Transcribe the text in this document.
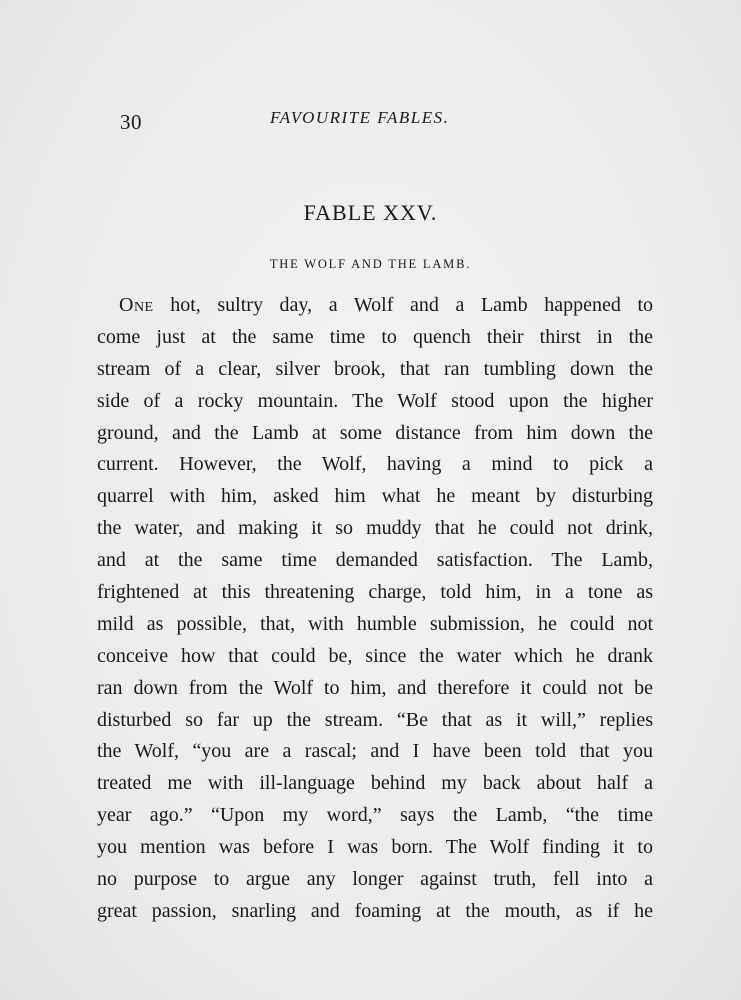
30	FAVOURITE FABLES.
FABLE XXV.
THE WOLF AND THE LAMB.
One hot, sultry day, a Wolf and a Lamb happened to
come just at the same time to quench their thirst in the
stream of a clear, silver brook, that ran tumbling down the
side of a rocky mountain. The Wolf stood upon the higher
ground, and the Lamb at some distance from him down the
current. However, the Wolf, having a mind to pick a
quarrel with him, asked him what he meant by disturbing
the water, and making it so muddy that he could not drink,
and at the same time demanded satisfaction. The Lamb,
frightened at this threatening charge, told him, in a tone as
mild as possible, that, with humble submission, he could not
conceive how that could be, since the water which he drank
ran down from the Wolf to him, and therefore it could not be
disturbed so far up the stream. “Be that as it will,” replies
the Wolf, “you are a rascal; and I have been told that you
treated me with ill-language behind my back about half a
year ago.” “Upon my word,” says the Lamb, “the time
you mention was before I was born. The Wolf finding it to
no purpose to argue any longer against truth, fell into a
great passion, snarling and foaming at the mouth, as if he
